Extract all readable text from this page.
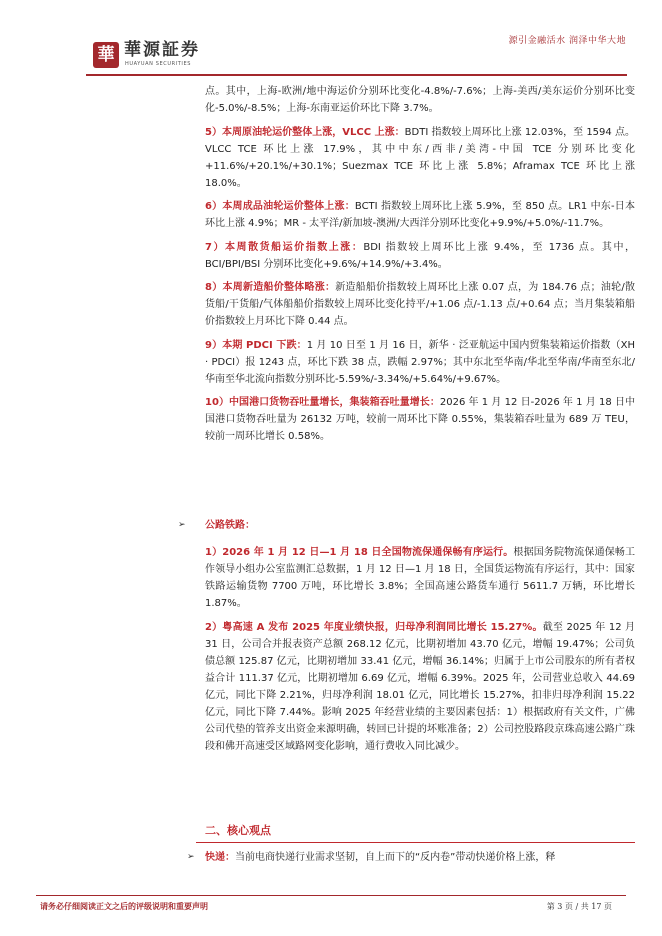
華 華源証券
HUAYUAN SECURITIES
源引金融活水 润泽中华大地

点。其中，上海-欧洲/地中海运价分别环比变化-4.8%/-7.6%；上海-美西/美东运价分别环比变化-5.0%/-8.5%；上海-东南亚运价环比下降 3.7%。

5）本周原油轮运价整体上涨，VLCC 上涨：BDTI 指数较上周环比上涨 12.03%，至 1594 点。VLCC TCE 环比上涨 17.9%，其中中东/西非/美湾-中国 TCE 分别环比变化+11.6%/+20.1%/+30.1%；Suezmax TCE 环比上涨 5.8%；Aframax TCE 环比上涨 18.0%。

6）本周成品油轮运价整体上涨：BCTI 指数较上周环比上涨 5.9%，至 850 点。LR1 中东-日本环比上涨 4.9%；MR - 太平洋/新加坡-澳洲/大西洋分别环比变化+9.9%/+5.0%/-11.7%。

7）本周散货船运价指数上涨：BDI 指数较上周环比上涨 9.4%，至 1736 点。其中，BCI/BPI/BSI 分别环比变化+9.6%/+14.9%/+3.4%。

8）本周新造船价整体略涨：新造船船价指数较上周环比上涨 0.07 点，为 184.76 点；油轮/散货船/干货船/气体船船价指数较上周环比变化持平/+1.06 点/-1.13 点/+0.64 点；当月集装箱船价指数较上月环比下降 0.44 点。

9）本期 PDCI 下跌：1 月 10 日至 1 月 16 日，新华 · 泛亚航运中国内贸集装箱运价指数（XH · PDCI）报 1243 点，环比下跌 38 点，跌幅 2.97%；其中东北至华南/华北至华南/华南至东北/华南至华北流向指数分别环比-5.59%/-3.34%/+5.64%/+9.67%。

10）中国港口货物吞吐量增长，集装箱吞吐量增长：2026 年 1 月 12 日-2026 年 1 月 18 日中国港口货物吞吐量为 26132 万吨，较前一周环比下降 0.55%，集装箱吞吐量为 689 万 TEU，较前一周环比增长 0.58%。

➢ 公路铁路：

1）2026 年 1 月 12 日—1 月 18 日全国物流保通保畅有序运行。根据国务院物流保通保畅工作领导小组办公室监测汇总数据，1 月 12 日—1 月 18 日，全国货运物流有序运行，其中：国家铁路运输货物 7700 万吨，环比增长 3.8%；全国高速公路货车通行 5611.7 万辆，环比增长 1.87%。

2）粤高速 A 发布 2025 年度业绩快报，归母净利润同比增长 15.27%。截至 2025 年 12 月 31 日，公司合并报表资产总额 268.12 亿元，比期初增加 43.70 亿元，增幅 19.47%；公司负债总额 125.87 亿元，比期初增加 33.41 亿元，增幅 36.14%；归属于上市公司股东的所有者权益合计 111.37 亿元，比期初增加 6.69 亿元，增幅 6.39%。2025 年，公司营业总收入 44.69 亿元，同比下降 2.21%，归母净利润 18.01 亿元，同比增长 15.27%，扣非归母净利润 15.22 亿元，同比下降 7.44%。影响 2025 年经营业绩的主要因素包括：1）根据政府有关文件，广佛公司代垫的管养支出资金来源明确，转回已计提的坏账准备；2）公司控股路段京珠高速公路广珠段和佛开高速受区域路网变化影响，通行费收入同比减少。

二、核心观点
➢ 快递：当前电商快递行业需求坚韧，自上而下的“反内卷”带动快递价格上涨，释
请务必仔细阅读正文之后的评级说明和重要声明	第 3 页 / 共 17 页
